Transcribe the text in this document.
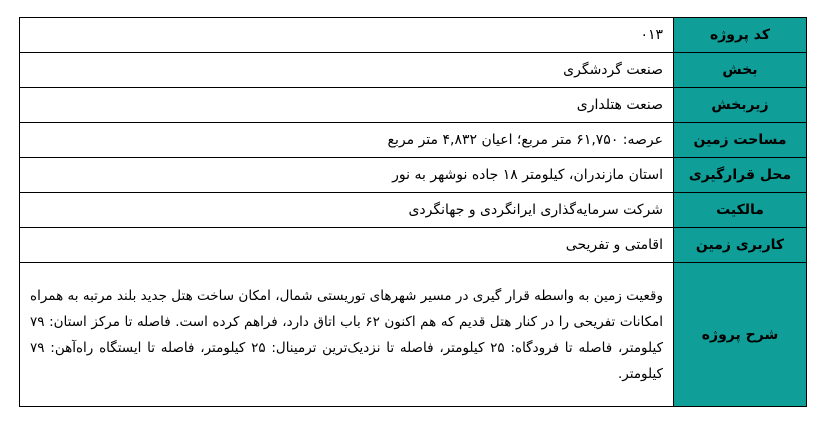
کد پروژه	۰۱۳
بخش	صنعت گردشگری
زیربخش	صنعت هتلداری
مساحت زمین	عرصه: ۶۱,۷۵۰ متر مربع؛ اعیان ۴,۸۳۲ متر مربع
محل قرارگیری	استان مازندران، کیلومتر ۱۸ جاده نوشهر به نور
مالکیت	شرکت سرمایه‌گذاری ایرانگردی و جهانگردی
کاربری زمین	اقامتی و تفریحی
شرح پروژه	وقعیت زمین به واسطه قرار گیری در مسیر شهرهای توریستی شمال، امکان ساخت هتل جدید بلند مرتبه به همراه امکانات تفریحی را در کنار هتل قدیم که هم اکنون ۶۲ باب اتاق دارد، فراهم کرده است. فاصله تا مرکز استان: ۷۹ کیلومتر، فاصله تا فرودگاه: ۲۵ کیلومتر، فاصله تا نزدیک‌ترین ترمینال: ۲۵ کیلومتر، فاصله تا ایستگاه راه‌آهن: ۷۹ کیلومتر.
